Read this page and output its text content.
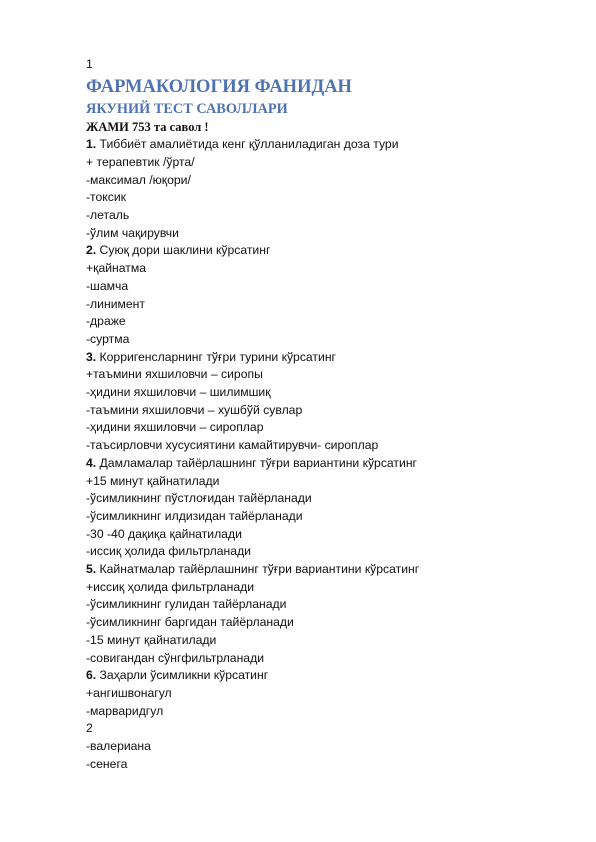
1
ФАРМАКОЛОГИЯ ФАНИДАН
ЯКУНИЙ ТЕСТ САВОЛЛАРИ
ЖАМИ 753 та савол !
1. Тиббиёт амалиётида кенг қўлланиладиган доза тури
+ терапевтик /ўрта/
-максимал /юқори/
-токсик
-леталь
-ўлим чақирувчи
2. Суюқ дори шаклини кўрсатинг
+қайнатма
-шамча
-линимент
-драже
-суртма
3. Корригенсларнинг тўғри турини кўрсатинг
+таъмини яхшиловчи – сиропы
-ҳидини яхшиловчи – шилимшиқ
-таъмини яхшиловчи – хушбўй сувлар
-ҳидини яхшиловчи – сироплар
-таъсирловчи хусусиятини камайтирувчи- сироплар
4. Дамламалар тайёрлашнинг тўғри вариантини кўрсатинг
+15 минут қайнатилади
-ўсимликнинг пўстлоғидан тайёрланади
-ўсимликнинг илдизидан тайёрланади
-30 -40 дақиқа қайнатилади
-иссиқ ҳолида фильтрланади
5. Кайнатмалар тайёрлашнинг тўғри вариантини кўрсатинг
+иссиқ ҳолида фильтрланади
-ўсимликнинг гулидан тайёрланади
-ўсимликнинг баргидан тайёрланади
-15 минут қайнатилади
-совигандан сўнгфильтрланади
6. Заҳарли ўсимликни кўрсатинг
+ангишвонагул
-марваридгул
2
-валериана
-сенега
